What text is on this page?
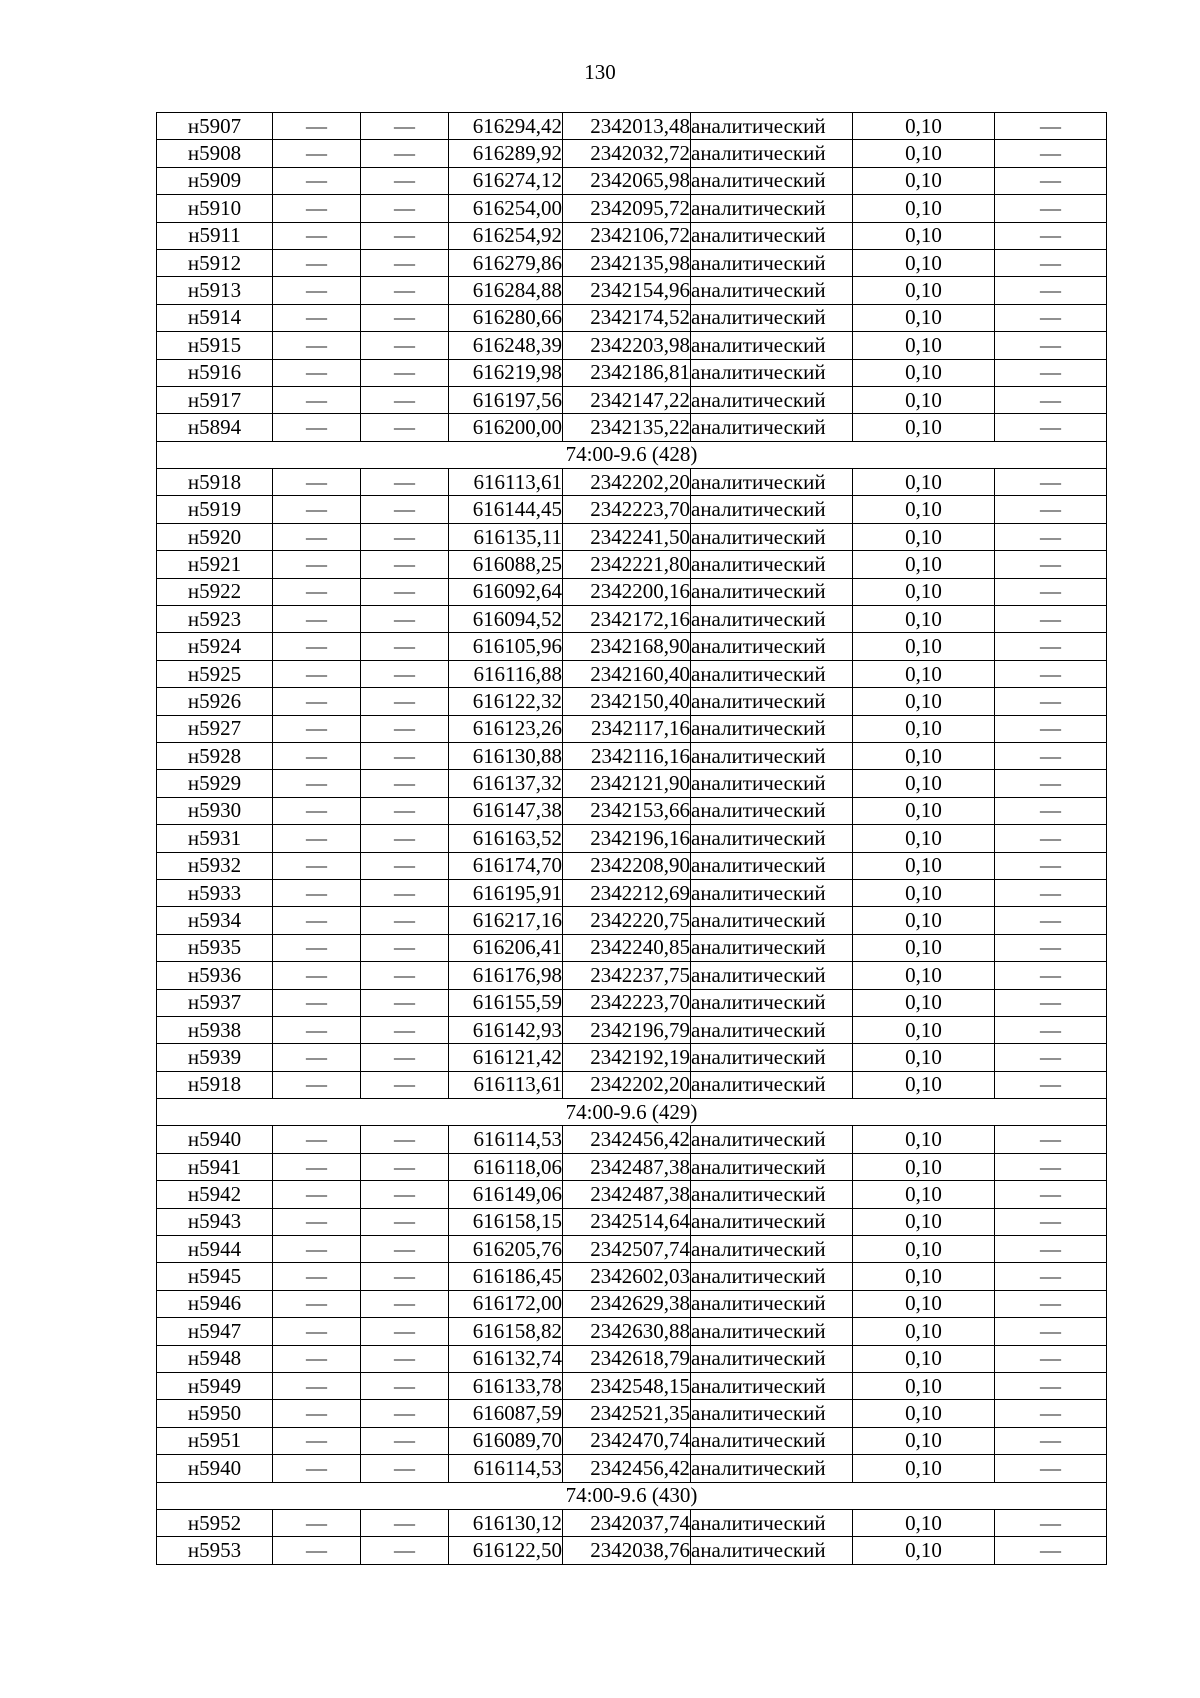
130
н5907	—	—	616294,42	2342013,48	аналитический	0,10	—
н5908	—	—	616289,92	2342032,72	аналитический	0,10	—
н5909	—	—	616274,12	2342065,98	аналитический	0,10	—
н5910	—	—	616254,00	2342095,72	аналитический	0,10	—
н5911	—	—	616254,92	2342106,72	аналитический	0,10	—
н5912	—	—	616279,86	2342135,98	аналитический	0,10	—
н5913	—	—	616284,88	2342154,96	аналитический	0,10	—
н5914	—	—	616280,66	2342174,52	аналитический	0,10	—
н5915	—	—	616248,39	2342203,98	аналитический	0,10	—
н5916	—	—	616219,98	2342186,81	аналитический	0,10	—
н5917	—	—	616197,56	2342147,22	аналитический	0,10	—
н5894	—	—	616200,00	2342135,22	аналитический	0,10	—
74:00-9.6 (428)							
н5918	—	—	616113,61	2342202,20	аналитический	0,10	—
н5919	—	—	616144,45	2342223,70	аналитический	0,10	—
н5920	—	—	616135,11	2342241,50	аналитический	0,10	—
н5921	—	—	616088,25	2342221,80	аналитический	0,10	—
н5922	—	—	616092,64	2342200,16	аналитический	0,10	—
н5923	—	—	616094,52	2342172,16	аналитический	0,10	—
н5924	—	—	616105,96	2342168,90	аналитический	0,10	—
н5925	—	—	616116,88	2342160,40	аналитический	0,10	—
н5926	—	—	616122,32	2342150,40	аналитический	0,10	—
н5927	—	—	616123,26	2342117,16	аналитический	0,10	—
н5928	—	—	616130,88	2342116,16	аналитический	0,10	—
н5929	—	—	616137,32	2342121,90	аналитический	0,10	—
н5930	—	—	616147,38	2342153,66	аналитический	0,10	—
н5931	—	—	616163,52	2342196,16	аналитический	0,10	—
н5932	—	—	616174,70	2342208,90	аналитический	0,10	—
н5933	—	—	616195,91	2342212,69	аналитический	0,10	—
н5934	—	—	616217,16	2342220,75	аналитический	0,10	—
н5935	—	—	616206,41	2342240,85	аналитический	0,10	—
н5936	—	—	616176,98	2342237,75	аналитический	0,10	—
н5937	—	—	616155,59	2342223,70	аналитический	0,10	—
н5938	—	—	616142,93	2342196,79	аналитический	0,10	—
н5939	—	—	616121,42	2342192,19	аналитический	0,10	—
н5918	—	—	616113,61	2342202,20	аналитический	0,10	—
74:00-9.6 (429)							
н5940	—	—	616114,53	2342456,42	аналитический	0,10	—
н5941	—	—	616118,06	2342487,38	аналитический	0,10	—
н5942	—	—	616149,06	2342487,38	аналитический	0,10	—
н5943	—	—	616158,15	2342514,64	аналитический	0,10	—
н5944	—	—	616205,76	2342507,74	аналитический	0,10	—
н5945	—	—	616186,45	2342602,03	аналитический	0,10	—
н5946	—	—	616172,00	2342629,38	аналитический	0,10	—
н5947	—	—	616158,82	2342630,88	аналитический	0,10	—
н5948	—	—	616132,74	2342618,79	аналитический	0,10	—
н5949	—	—	616133,78	2342548,15	аналитический	0,10	—
н5950	—	—	616087,59	2342521,35	аналитический	0,10	—
н5951	—	—	616089,70	2342470,74	аналитический	0,10	—
н5940	—	—	616114,53	2342456,42	аналитический	0,10	—
74:00-9.6 (430)							
н5952	—	—	616130,12	2342037,74	аналитический	0,10	—
н5953	—	—	616122,50	2342038,76	аналитический	0,10	—
